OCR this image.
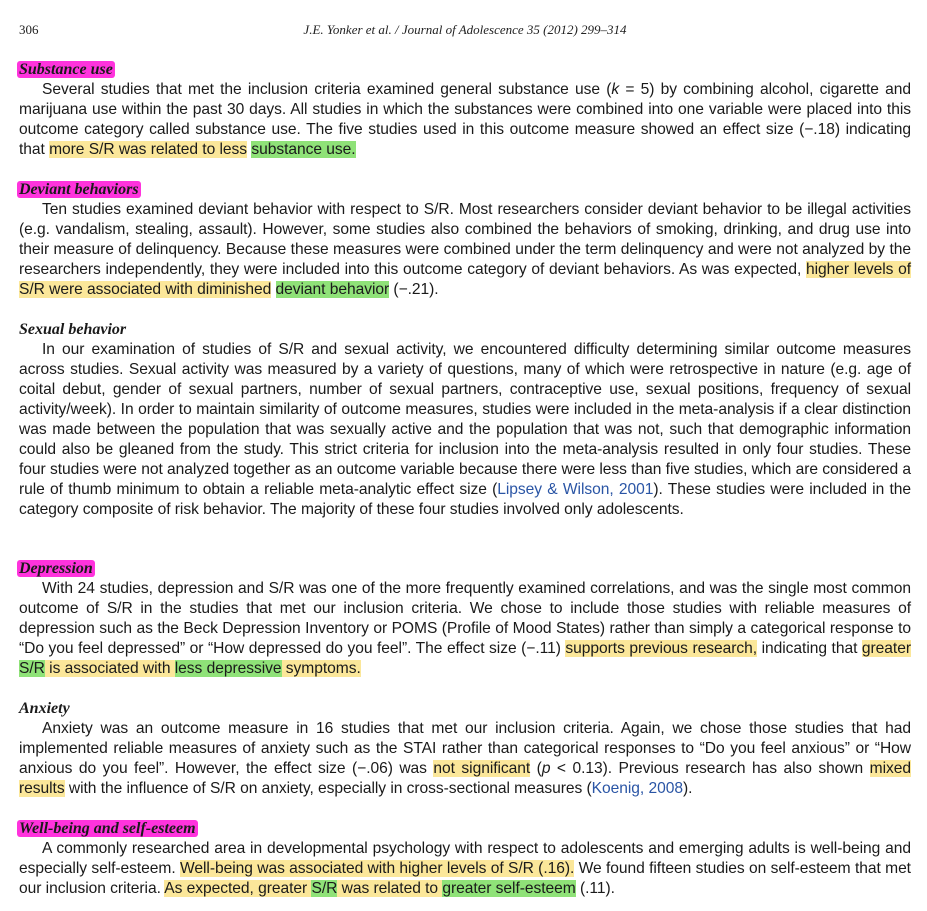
306	J.E. Yonker et al. / Journal of Adolescence 35 (2012) 299–314
Substance use

Several studies that met the inclusion criteria examined general substance use (k = 5) by combining alcohol, cigarette and marijuana use within the past 30 days. All studies in which the substances were combined into one variable were placed into this outcome category called substance use. The five studies used in this outcome measure showed an effect size (−.18) indicating that more S/R was related to less substance use.

Deviant behaviors

Ten studies examined deviant behavior with respect to S/R. Most researchers consider deviant behavior to be illegal activities (e.g. vandalism, stealing, assault). However, some studies also combined the behaviors of smoking, drinking, and drug use into their measure of delinquency. Because these measures were combined under the term delinquency and were not analyzed by the researchers independently, they were included into this outcome category of deviant behaviors. As was expected, higher levels of S/R were associated with diminished deviant behavior (−.21).

Sexual behavior

In our examination of studies of S/R and sexual activity, we encountered difficulty determining similar outcome measures across studies. Sexual activity was measured by a variety of questions, many of which were retrospective in nature (e.g. age of coital debut, gender of sexual partners, number of sexual partners, contraceptive use, sexual positions, frequency of sexual activity/week). In order to maintain similarity of outcome measures, studies were included in the meta-analysis if a clear distinction was made between the population that was sexually active and the population that was not, such that demographic information could also be gleaned from the study. This strict criteria for inclusion into the meta-analysis resulted in only four studies. These four studies were not analyzed together as an outcome variable because there were less than five studies, which are considered a rule of thumb minimum to obtain a reliable meta-analytic effect size (Lipsey & Wilson, 2001). These studies were included in the category composite of risk behavior. The majority of these four studies involved only adolescents.

Depression

With 24 studies, depression and S/R was one of the more frequently examined correlations, and was the single most common outcome of S/R in the studies that met our inclusion criteria. We chose to include those studies with reliable measures of depression such as the Beck Depression Inventory or POMS (Profile of Mood States) rather than simply a categorical response to “Do you feel depressed” or “How depressed do you feel”. The effect size (−.11) supports previous research, indicating that greater S/R is associated with less depressive symptoms.

Anxiety

Anxiety was an outcome measure in 16 studies that met our inclusion criteria. Again, we chose those studies that had implemented reliable measures of anxiety such as the STAI rather than categorical responses to “Do you feel anxious” or “How anxious do you feel”. However, the effect size (−.06) was not significant (p < 0.13). Previous research has also shown mixed results with the influence of S/R on anxiety, especially in cross-sectional measures (Koenig, 2008).

Well-being and self-esteem

A commonly researched area in developmental psychology with respect to adolescents and emerging adults is well-being and especially self-esteem. Well-being was associated with higher levels of S/R (.16). We found fifteen studies on self-esteem that met our inclusion criteria. As expected, greater S/R was related to greater self-esteem (.11).
